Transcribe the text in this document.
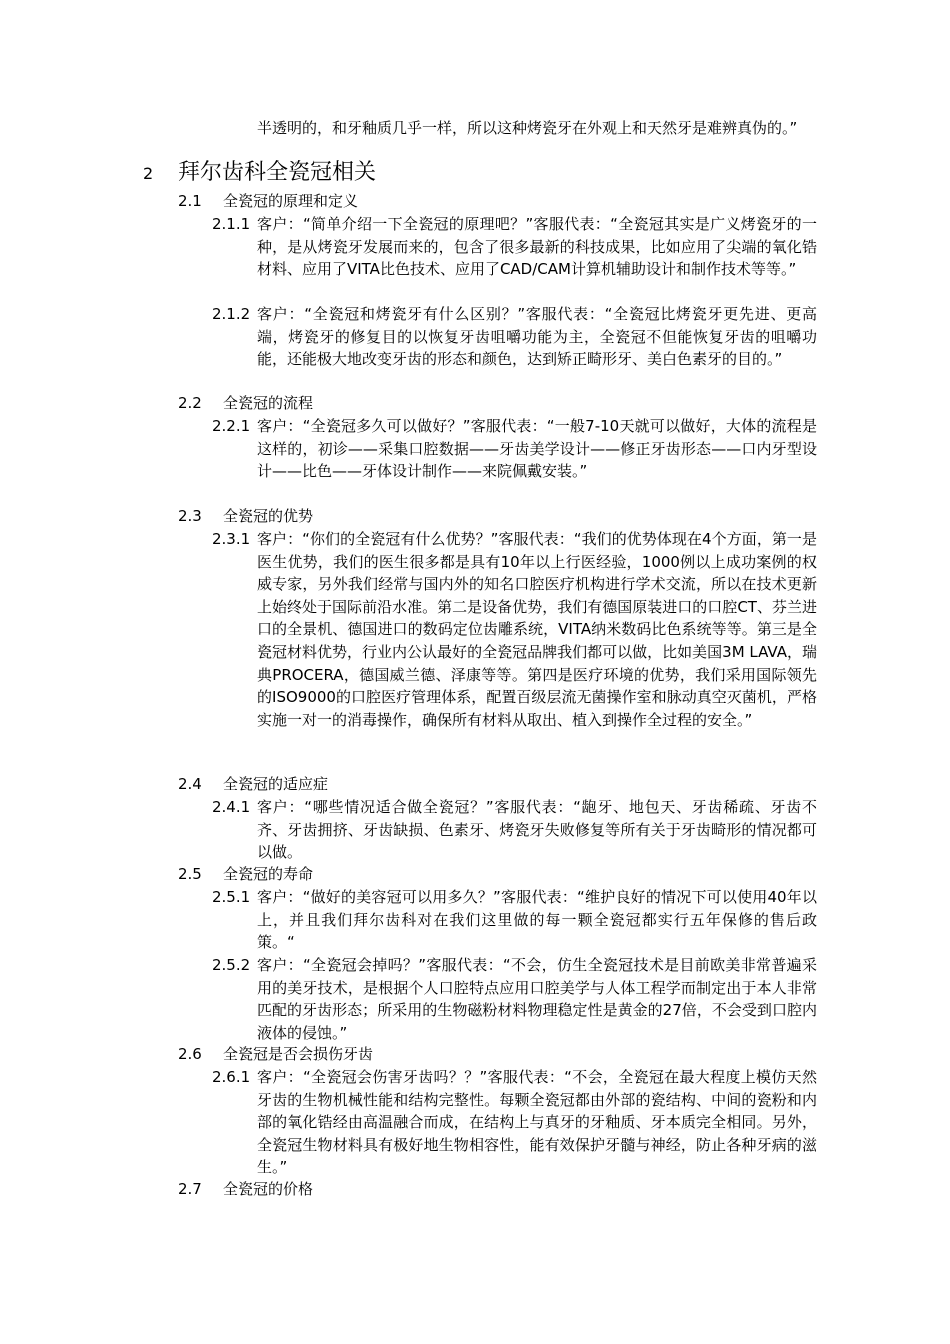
半透明的，和牙釉质几乎一样，所以这种烤瓷牙在外观上和天然牙是难辨真伪的。”
2 拜尔齿科全瓷冠相关
2.1 全瓷冠的原理和定义
2.1.1 客户：“简单介绍一下全瓷冠的原理吧？”客服代表：“全瓷冠其实是广义烤瓷牙的一种，是从烤瓷牙发展而来的，包含了很多最新的科技成果，比如应用了尖端的氧化锆材料、应用了VITA比色技术、应用了CAD/CAM计算机辅助设计和制作技术等等。”
2.1.2 客户：“全瓷冠和烤瓷牙有什么区别？”客服代表：“全瓷冠比烤瓷牙更先进、更高端，烤瓷牙的修复目的以恢复牙齿咀嚼功能为主，全瓷冠不但能恢复牙齿的咀嚼功能，还能极大地改变牙齿的形态和颜色，达到矫正畸形牙、美白色素牙的目的。”
2.2 全瓷冠的流程
2.2.1 客户：“全瓷冠多久可以做好？”客服代表：“一般7-10天就可以做好，大体的流程是这样的，初诊——采集口腔数据——牙齿美学设计——修正牙齿形态——口内牙型设计——比色——牙体设计制作——来院佩戴安装。”
2.3 全瓷冠的优势
2.3.1 客户：“你们的全瓷冠有什么优势？”客服代表：“我们的优势体现在4个方面，第一是医生优势，我们的医生很多都是具有10年以上行医经验，1000例以上成功案例的权威专家，另外我们经常与国内外的知名口腔医疗机构进行学术交流，所以在技术更新上始终处于国际前沿水准。第二是设备优势，我们有德国原装进口的口腔CT、芬兰进口的全景机、德国进口的数码定位齿雕系统，VITA纳米数码比色系统等等。第三是全瓷冠材料优势，行业内公认最好的全瓷冠品牌我们都可以做，比如美国3M LAVA，瑞典PROCERA，德国威兰德、泽康等等。第四是医疗环境的优势，我们采用国际领先的ISO9000的口腔医疗管理体系，配置百级层流无菌操作室和脉动真空灭菌机，严格实施一对一的消毒操作，确保所有材料从取出、植入到操作全过程的安全。”
2.4 全瓷冠的适应症
2.4.1 客户：“哪些情况适合做全瓷冠？”客服代表：“龅牙、地包天、牙齿稀疏、牙齿不齐、牙齿拥挤、牙齿缺损、色素牙、烤瓷牙失败修复等所有关于牙齿畸形的情况都可以做。
2.5 全瓷冠的寿命
2.5.1 客户：“做好的美容冠可以用多久？”客服代表：“维护良好的情况下可以使用40年以上，并且我们拜尔齿科对在我们这里做的每一颗全瓷冠都实行五年保修的售后政策。“
2.5.2 客户：“全瓷冠会掉吗？”客服代表：“不会，仿生全瓷冠技术是目前欧美非常普遍采用的美牙技术，是根据个人口腔特点应用口腔美学与人体工程学而制定出于本人非常匹配的牙齿形态；所采用的生物磁粉材料物理稳定性是黄金的27倍，不会受到口腔内液体的侵蚀。”
2.6 全瓷冠是否会损伤牙齿
2.6.1 客户：“全瓷冠会伤害牙齿吗？？”客服代表：“不会，全瓷冠在最大程度上模仿天然牙齿的生物机械性能和结构完整性。每颗全瓷冠都由外部的瓷结构、中间的瓷粉和内部的氧化锆经由高温融合而成，在结构上与真牙的牙釉质、牙本质完全相同。另外，全瓷冠生物材料具有极好地生物相容性，能有效保护牙髓与神经，防止各种牙病的滋生。”
2.7 全瓷冠的价格
